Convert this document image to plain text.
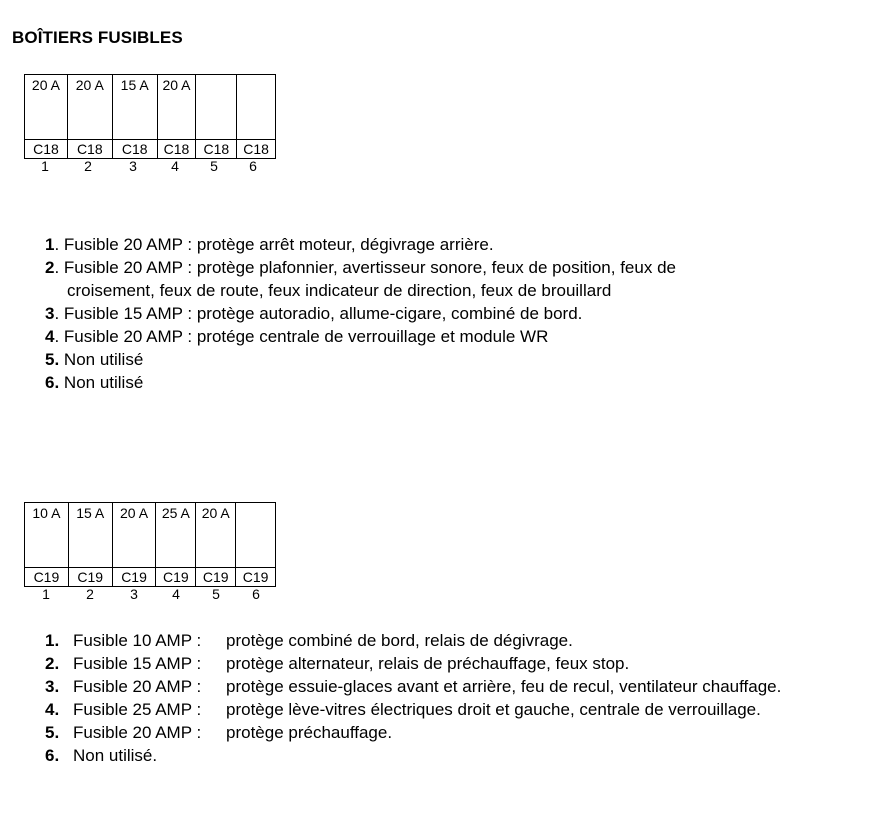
BOÎTIERS FUSIBLES
20 A	20 A	15 A	20 A		

C18	C18	C18	C18	C18	C18
1	2	3	4	5	6
1 . Fusible 20 AMP : protège arrêt moteur, dégivrage arrière.
2 . Fusible 20 AMP : protège plafonnier, avertisseur sonore, feux de position, feux de
croisement, feux de route, feux indicateur de direction, feux de brouillard
3 . Fusible 15 AMP : protège autoradio, allume-cigare, combiné de bord.
4 . Fusible 20 AMP : protége centrale de verrouillage et module WR
5. Non utilisé
6. Non utilisé
10 A	15 A	20 A	25 A	20 A	

C19	C19	C19	C19	C19	C19
1	2	3	4	5	6
1. Fusible 10 AMP :	protège combiné de bord, relais de dégivrage.
2. Fusible 15 AMP :	protège alternateur, relais de préchauffage, feux stop.
3. Fusible 20 AMP :	protège essuie-glaces avant et arrière, feu de recul, ventilateur chauffage.
4. Fusible 25 AMP :	protège lève-vitres électriques droit et gauche, centrale de verrouillage.
5. Fusible 20 AMP :	protège préchauffage.
6. Non utilisé.
